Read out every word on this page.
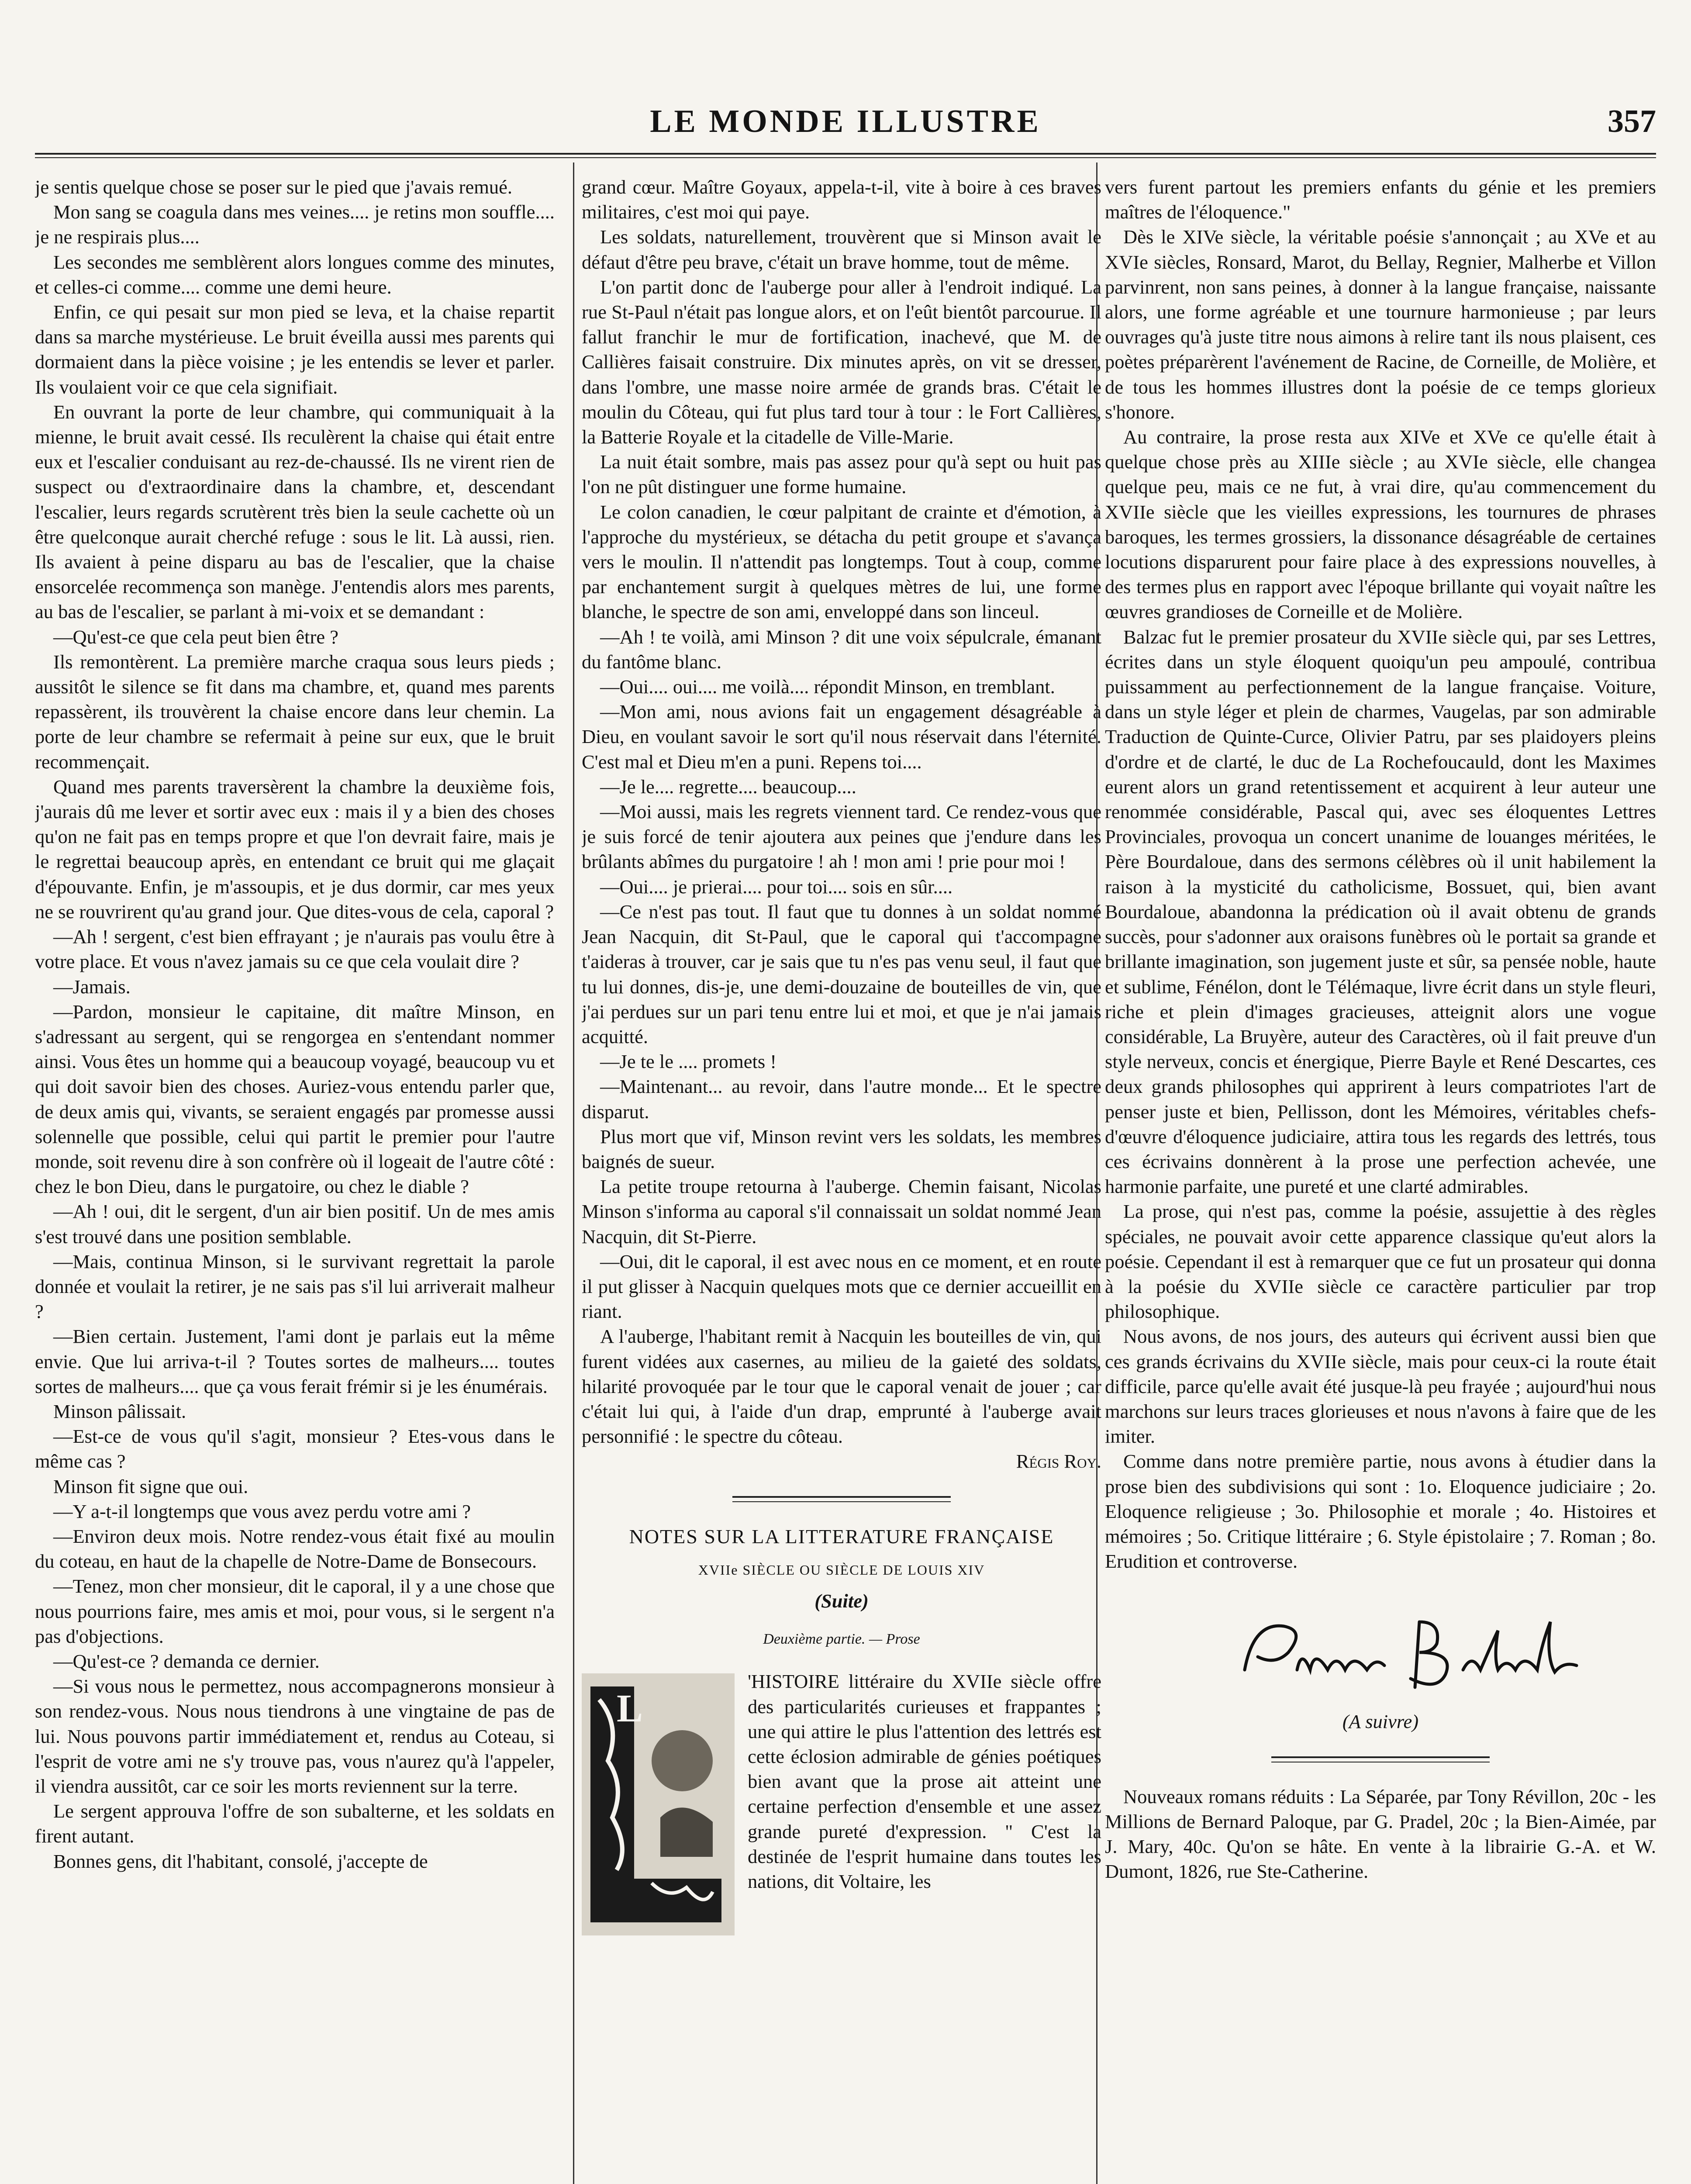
LE MONDE ILLUSTRE	357

je sentis quelque chose se poser sur le pied que j'avais remué.

Mon sang se coagula dans mes veines.... je retins mon souffle.... je ne respirais plus....

Les secondes me semblèrent alors longues comme des minutes, et celles-ci comme.... comme une demi heure.

Enfin, ce qui pesait sur mon pied se leva, et la chaise repartit dans sa marche mystérieuse. Le bruit éveilla aussi mes parents qui dormaient dans la pièce voisine ; je les entendis se lever et parler. Ils voulaient voir ce que cela signifiait.

En ouvrant la porte de leur chambre, qui communiquait à la mienne, le bruit avait cessé. Ils reculèrent la chaise qui était entre eux et l'escalier conduisant au rez-de-chaussé. Ils ne virent rien de suspect ou d'extraordinaire dans la chambre, et, descendant l'escalier, leurs regards scrutèrent très bien la seule cachette où un être quelconque aurait cherché refuge : sous le lit. Là aussi, rien. Ils avaient à peine disparu au bas de l'escalier, que la chaise ensorcelée recommença son manège. J'entendis alors mes parents, au bas de l'escalier, se parlant à mi-voix et se demandant :

—Qu'est-ce que cela peut bien être ?

Ils remontèrent. La première marche craqua sous leurs pieds ; aussitôt le silence se fit dans ma chambre, et, quand mes parents repassèrent, ils trouvèrent la chaise encore dans leur chemin. La porte de leur chambre se refermait à peine sur eux, que le bruit recommençait.

Quand mes parents traversèrent la chambre la deuxième fois, j'aurais dû me lever et sortir avec eux : mais il y a bien des choses qu'on ne fait pas en temps propre et que l'on devrait faire, mais je le regrettai beaucoup après, en entendant ce bruit qui me glaçait d'épouvante. Enfin, je m'assoupis, et je dus dormir, car mes yeux ne se rouvrirent qu'au grand jour. Que dites-vous de cela, caporal ?

—Ah ! sergent, c'est bien effrayant ; je n'aurais pas voulu être à votre place. Et vous n'avez jamais su ce que cela voulait dire ?

—Jamais.

—Pardon, monsieur le capitaine, dit maître Minson, en s'adressant au sergent, qui se rengorgea en s'entendant nommer ainsi. Vous êtes un homme qui a beaucoup voyagé, beaucoup vu et qui doit savoir bien des choses. Auriez-vous entendu parler que, de deux amis qui, vivants, se seraient engagés par promesse aussi solennelle que possible, celui qui partit le premier pour l'autre monde, soit revenu dire à son confrère où il logeait de l'autre côté : chez le bon Dieu, dans le purgatoire, ou chez le diable ?

—Ah ! oui, dit le sergent, d'un air bien positif. Un de mes amis s'est trouvé dans une position semblable.

—Mais, continua Minson, si le survivant regrettait la parole donnée et voulait la retirer, je ne sais pas s'il lui arriverait malheur ?

—Bien certain. Justement, l'ami dont je parlais eut la même envie. Que lui arriva-t-il ? Toutes sortes de malheurs.... toutes sortes de malheurs.... que ça vous ferait frémir si je les énumérais.

Minson pâlissait.

—Est-ce de vous qu'il s'agit, monsieur ? Etes-vous dans le même cas ?

Minson fit signe que oui.

—Y a-t-il longtemps que vous avez perdu votre ami ?

—Environ deux mois. Notre rendez-vous était fixé au moulin du coteau, en haut de la chapelle de Notre-Dame de Bonsecours.

—Tenez, mon cher monsieur, dit le caporal, il y a une chose que nous pourrions faire, mes amis et moi, pour vous, si le sergent n'a pas d'objections.

—Qu'est-ce ? demanda ce dernier.

—Si vous nous le permettez, nous accompagnerons monsieur à son rendez-vous. Nous nous tiendrons à une vingtaine de pas de lui. Nous pouvons partir immédiatement et, rendus au Coteau, si l'esprit de votre ami ne s'y trouve pas, vous n'aurez qu'à l'appeler, il viendra aussitôt, car ce soir les morts reviennent sur la terre.

Le sergent approuva l'offre de son subalterne, et les soldats en firent autant.

Bonnes gens, dit l'habitant, consolé, j'accepte de

grand cœur. Maître Goyaux, appela-t-il, vite à boire à ces braves militaires, c'est moi qui paye.

Les soldats, naturellement, trouvèrent que si Minson avait le défaut d'être peu brave, c'était un brave homme, tout de même.

L'on partit donc de l'auberge pour aller à l'endroit indiqué. La rue St-Paul n'était pas longue alors, et on l'eût bientôt parcourue. Il fallut franchir le mur de fortification, inachevé, que M. de Callières faisait construire. Dix minutes après, on vit se dresser, dans l'ombre, une masse noire armée de grands bras. C'était le moulin du Côteau, qui fut plus tard tour à tour : le Fort Callières, la Batterie Royale et la citadelle de Ville-Marie.

La nuit était sombre, mais pas assez pour qu'à sept ou huit pas l'on ne pût distinguer une forme humaine.

Le colon canadien, le cœur palpitant de crainte et d'émotion, à l'approche du mystérieux, se détacha du petit groupe et s'avança vers le moulin. Il n'attendit pas longtemps. Tout à coup, comme par enchantement surgit à quelques mètres de lui, une forme blanche, le spectre de son ami, enveloppé dans son linceul.

—Ah ! te voilà, ami Minson ? dit une voix sépulcrale, émanant du fantôme blanc.

—Oui.... oui.... me voilà.... répondit Minson, en tremblant.

—Mon ami, nous avions fait un engagement désagréable à Dieu, en voulant savoir le sort qu'il nous réservait dans l'éternité. C'est mal et Dieu m'en a puni. Repens toi....

—Je le.... regrette.... beaucoup....

—Moi aussi, mais les regrets viennent tard. Ce rendez-vous que je suis forcé de tenir ajoutera aux peines que j'endure dans les brûlants abîmes du purgatoire ! ah ! mon ami ! prie pour moi !

—Oui.... je prierai.... pour toi.... sois en sûr....

—Ce n'est pas tout. Il faut que tu donnes à un soldat nommé Jean Nacquin, dit St-Paul, que le caporal qui t'accompagne t'aideras à trouver, car je sais que tu n'es pas venu seul, il faut que tu lui donnes, dis-je, une demi-douzaine de bouteilles de vin, que j'ai perdues sur un pari tenu entre lui et moi, et que je n'ai jamais acquitté.

—Je te le .... promets !

—Maintenant... au revoir, dans l'autre monde... Et le spectre disparut.

Plus mort que vif, Minson revint vers les soldats, les membres baignés de sueur.

La petite troupe retourna à l'auberge. Chemin faisant, Nicolas Minson s'informa au caporal s'il connaissait un soldat nommé Jean Nacquin, dit St-Pierre.

—Oui, dit le caporal, il est avec nous en ce moment, et en route il put glisser à Nacquin quelques mots que ce dernier accueillit en riant.

A l'auberge, l'habitant remit à Nacquin les bouteilles de vin, qui furent vidées aux casernes, au milieu de la gaieté des soldats, hilarité provoquée par le tour que le caporal venait de jouer ; car c'était lui qui, à l'aide d'un drap, emprunté à l'auberge avait personnifié : le spectre du côteau.

Régis Roy.

NOTES SUR LA LITTERATURE FRANÇAISE

XVIIe SIÈCLE OU SIÈCLE DE LOUIS XIV

(Suite)

Deuxième partie. — Prose

L

'HISTOIRE littéraire du XVIIe siècle offre des particularités curieuses et frappantes ; une qui attire le plus l'attention des lettrés est cette éclosion admirable de génies poétiques bien avant que la prose ait atteint une certaine perfection d'ensemble et une assez grande pureté d'expression. " C'est la destinée de l'esprit humaine dans toutes les nations, dit Voltaire, les

vers furent partout les premiers enfants du génie et les premiers maîtres de l'éloquence."

Dès le XIVe siècle, la véritable poésie s'annonçait ; au XVe et au XVIe siècles, Ronsard, Marot, du Bellay, Regnier, Malherbe et Villon parvinrent, non sans peines, à donner à la langue française, naissante alors, une forme agréable et une tournure harmonieuse ; par leurs ouvrages qu'à juste titre nous aimons à relire tant ils nous plaisent, ces poètes préparèrent l'avénement de Racine, de Corneille, de Molière, et de tous les hommes illustres dont la poésie de ce temps glorieux s'honore.

Au contraire, la prose resta aux XIVe et XVe ce qu'elle était à quelque chose près au XIIIe siècle ; au XVIe siècle, elle changea quelque peu, mais ce ne fut, à vrai dire, qu'au commencement du XVIIe siècle que les vieilles expressions, les tournures de phrases baroques, les termes grossiers, la dissonance désagréable de certaines locutions disparurent pour faire place à des expressions nouvelles, à des termes plus en rapport avec l'époque brillante qui voyait naître les œuvres grandioses de Corneille et de Molière.

Balzac fut le premier prosateur du XVIIe siècle qui, par ses Lettres, écrites dans un style éloquent quoiqu'un peu ampoulé, contribua puissamment au perfectionnement de la langue française. Voiture, dans un style léger et plein de charmes, Vaugelas, par son admirable Traduction de Quinte-Curce, Olivier Patru, par ses plaidoyers pleins d'ordre et de clarté, le duc de La Rochefoucauld, dont les Maximes eurent alors un grand retentissement et acquirent à leur auteur une renommée considérable, Pascal qui, avec ses éloquentes Lettres Provinciales, provoqua un concert unanime de louanges méritées, le Père Bourdaloue, dans des sermons célèbres où il unit habilement la raison à la mysticité du catholicisme, Bossuet, qui, bien avant Bourdaloue, abandonna la prédication où il avait obtenu de grands succès, pour s'adonner aux oraisons funèbres où le portait sa grande et brillante imagination, son jugement juste et sûr, sa pensée noble, haute et sublime, Fénélon, dont le Télémaque, livre écrit dans un style fleuri, riche et plein d'images gracieuses, atteignit alors une vogue considérable, La Bruyère, auteur des Caractères, où il fait preuve d'un style nerveux, concis et énergique, Pierre Bayle et René Descartes, ces deux grands philosophes qui apprirent à leurs compatriotes l'art de penser juste et bien, Pellisson, dont les Mémoires, véritables chefs-d'œuvre d'éloquence judiciaire, attira tous les regards des lettrés, tous ces écrivains donnèrent à la prose une perfection achevée, une harmonie parfaite, une pureté et une clarté admirables.

La prose, qui n'est pas, comme la poésie, assujettie à des règles spéciales, ne pouvait avoir cette apparence classique qu'eut alors la poésie. Cependant il est à remarquer que ce fut un prosateur qui donna à la poésie du XVIIe siècle ce caractère particulier par trop philosophique.

Nous avons, de nos jours, des auteurs qui écrivent aussi bien que ces grands écrivains du XVIIe siècle, mais pour ceux-ci la route était difficile, parce qu'elle avait été jusque-là peu frayée ; aujourd'hui nous marchons sur leurs traces glorieuses et nous n'avons à faire que de les imiter.

Comme dans notre première partie, nous avons à étudier dans la prose bien des subdivisions qui sont : 1o. Eloquence judiciaire ; 2o. Eloquence religieuse ; 3o. Philosophie et morale ; 4o. Histoires et mémoires ; 5o. Critique littéraire ; 6. Style épistolaire ; 7. Roman ; 8o. Erudition et controverse.

(A suivre)

Nouveaux romans réduits : La Séparée, par Tony Révillon, 20c - les Millions de Bernard Paloque, par G. Pradel, 20c ; la Bien-Aimée, par J. Mary, 40c. Qu'on se hâte. En vente à la librairie G.-A. et W. Dumont, 1826, rue Ste-Catherine.
